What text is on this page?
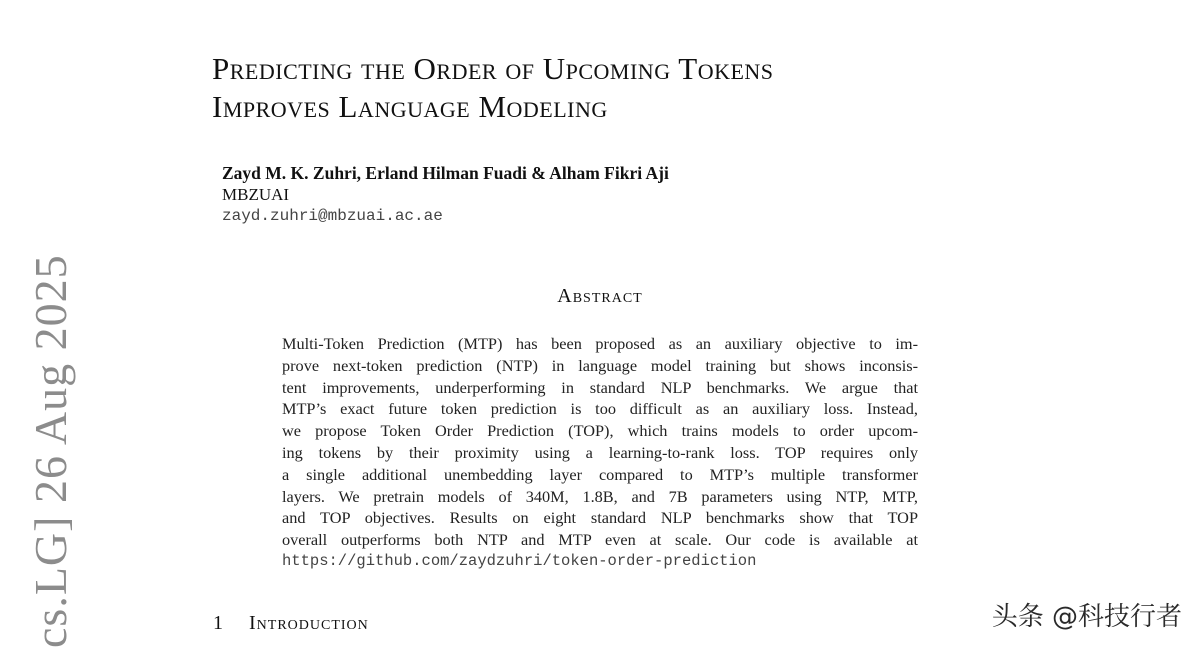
cs.LG] 26 Aug 2025
Predicting the Order of Upcoming Tokens
Improves Language Modeling
Zayd M. K. Zuhri, Erland Hilman Fuadi & Alham Fikri Aji
MBZUAI
zayd.zuhri@mbzuai.ac.ae
Abstract
Multi-Token Prediction (MTP) has been proposed as an auxiliary objective to im-
prove next-token prediction (NTP) in language model training but shows inconsis-
tent improvements, underperforming in standard NLP benchmarks. We argue that
MTP’s exact future token prediction is too difficult as an auxiliary loss. Instead,
we propose Token Order Prediction (TOP), which trains models to order upcom-
ing tokens by their proximity using a learning-to-rank loss. TOP requires only
a single additional unembedding layer compared to MTP’s multiple transformer
layers. We pretrain models of 340M, 1.8B, and 7B parameters using NTP, MTP,
and TOP objectives. Results on eight standard NLP benchmarks show that TOP
overall outperforms both NTP and MTP even at scale. Our code is available at
https://github.com/zaydzuhri/token-order-prediction
1 Introduction	头条 @科技行者
